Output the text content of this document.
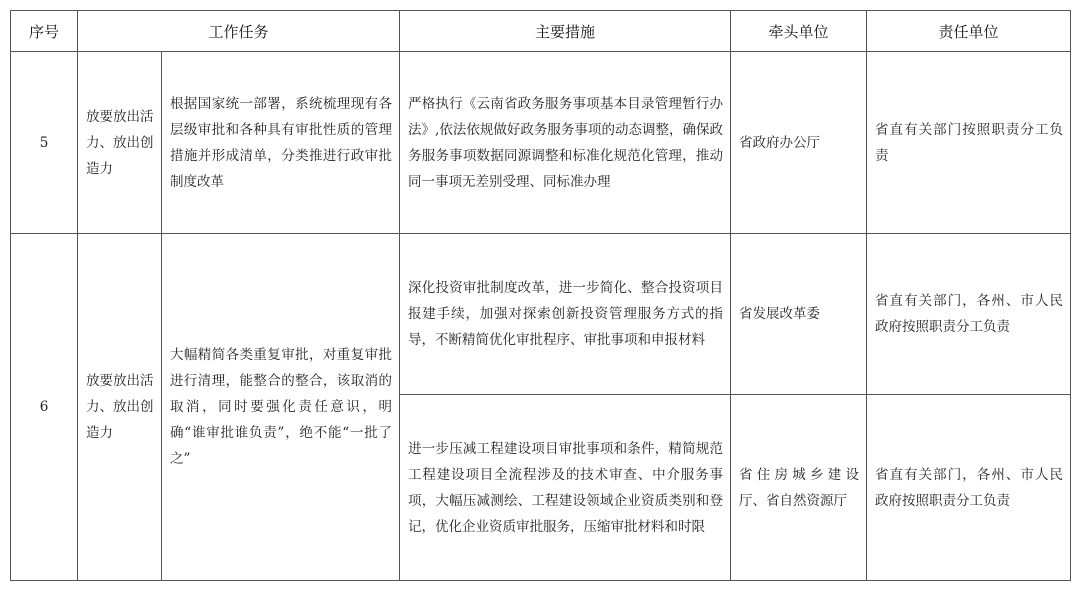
序号	工作任务		主要措施	牵头单位	责任单位
5	放要放出活力、放出创造力	根据国家统一部署，系统梳理现有各层级审批和各种具有审批性质的管理措施并形成清单，分类推进行政审批制度改革	严格执行《云南省政务服务事项基本目录管理暂行办法》,依法依规做好政务服务事项的动态调整，确保政务服务事项数据同源调整和标准化规范化管理，推动同一事项无差别受理、同标准办理	省政府办公厅	省直有关部门按照职责分工负责
6	放要放出活力、放出创造力	大幅精简各类重复审批，对重复审批进行清理，能整合的整合，该取消的取消，同时要强化责任意识，明确“谁审批谁负责”，绝不能“一批了之”	深化投资审批制度改革，进一步简化、整合投资项目报建手续，加强对探索创新投资管理服务方式的指导，不断精简优化审批程序、审批事项和申报材料	省发展改革委	省直有关部门，各州、市人民政府按照职责分工负责
			进一步压减工程建设项目审批事项和条件，精简规范工程建设项目全流程涉及的技术审查、中介服务事项，大幅压减测绘、工程建设领域企业资质类别和登记，优化企业资质审批服务，压缩审批材料和时限	省住房城乡建设厅、省自然资源厅	省直有关部门，各州、市人民政府按照职责分工负责
